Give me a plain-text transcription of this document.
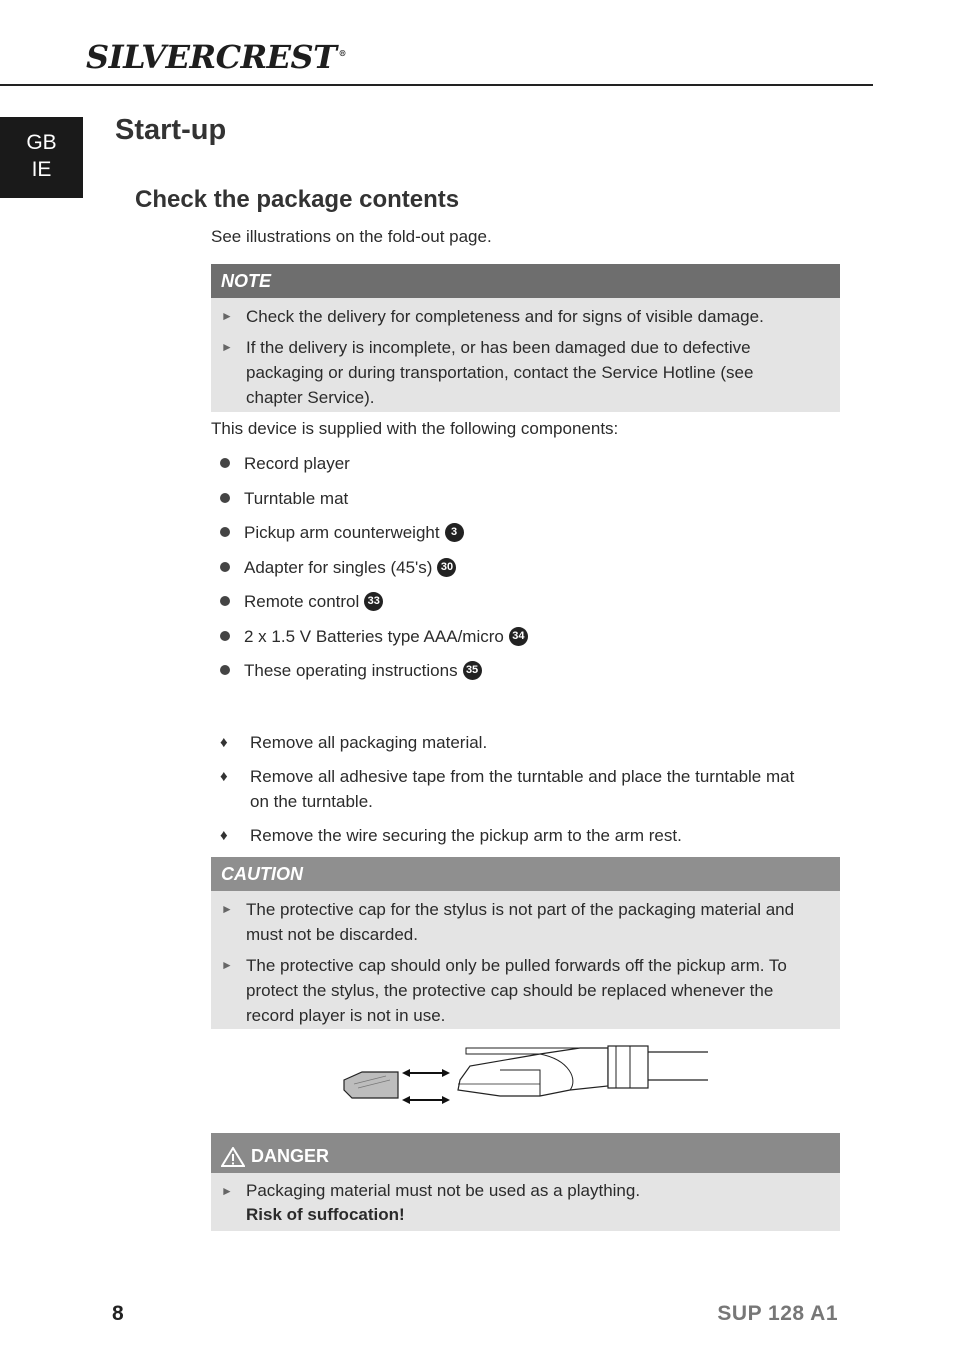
SILVERCREST ®
GB
IE
Start-up
Check the package contents

See illustrations on the fold-out page.

NOTE
► Check the delivery for completeness and for signs of visible damage.
► If the delivery is incomplete, or has been damaged due to defective packaging or during transportation, contact the Service Hotline (see chapter Service).

This device is supplied with the following components:

Record player
Turntable mat
Pickup arm counterweight	3
Adapter for singles (45's) 30
Remote control 33
2 x 1.5 V Batteries type AAA/micro 34
These operating instructions 35
♦ Remove all packaging material.
♦ Remove all adhesive tape from the turntable and place the turntable mat on the turntable.
♦ Remove the wire securing the pickup arm to the arm rest.
CAUTION
► The protective cap for the stylus is not part of the packaging material and must not be discarded.
► The protective cap should only be pulled forwards off the pickup arm. To protect the stylus, the protective cap should be replaced whenever the record player is not in use.
DANGER
► Packaging material must not be used as a plaything.
Risk of suffocation!
8	SUP 128 A1
